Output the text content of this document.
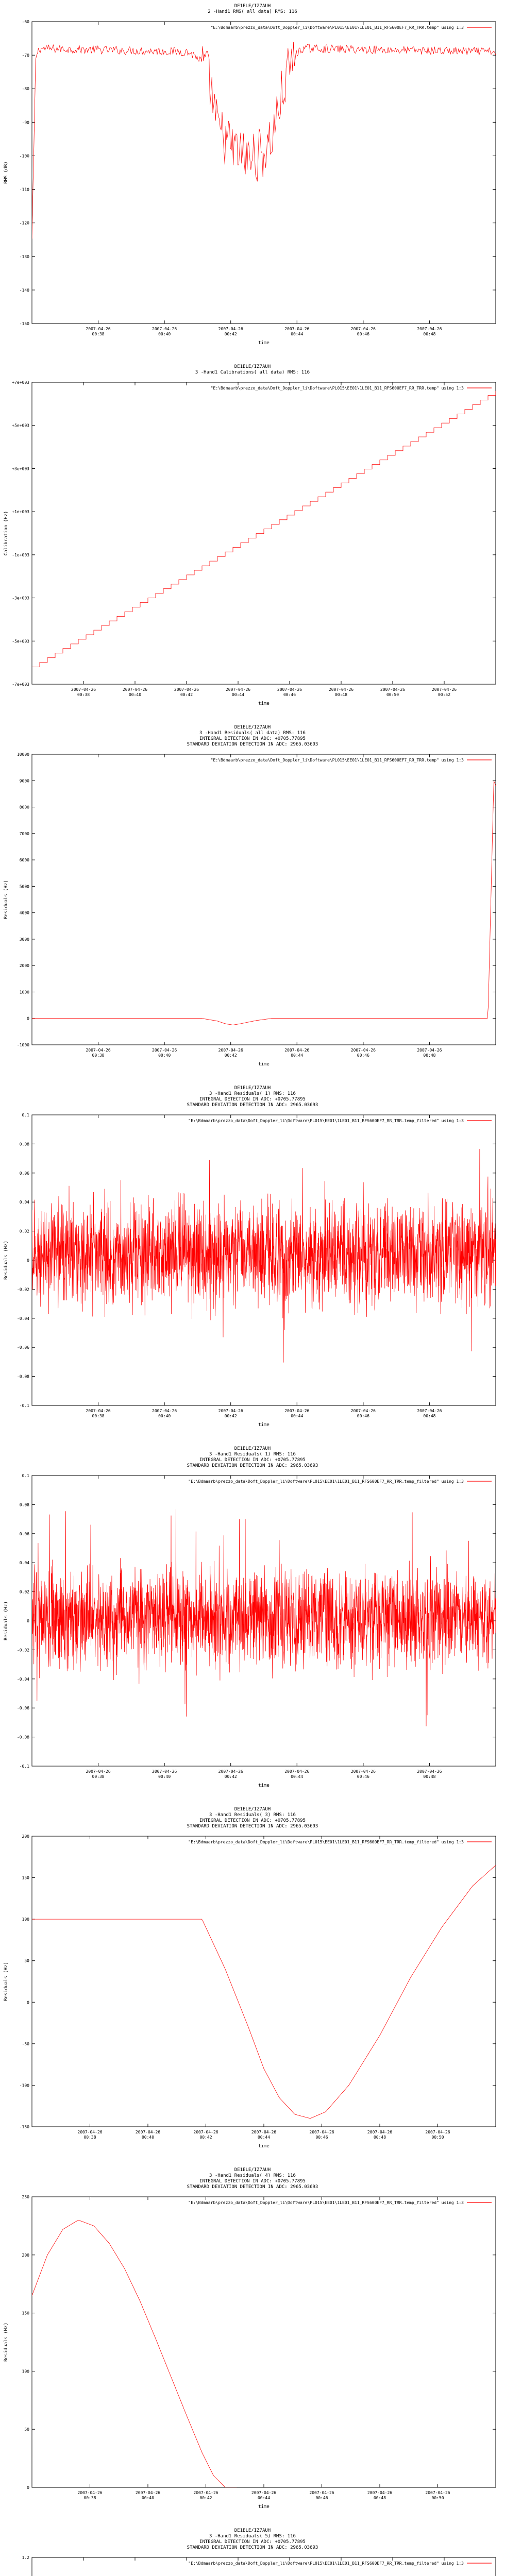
DE1ELE/IZ7AUH
2 -Hand1 RMS( all data) RMS: 116
"E:\Bdmaarb\prezzo_data\Doft_Doppler_li\Doftware\PL015\EE01\1LE01_B11_RFS600EF7_RR_TRR.temp" using 1:3
-60
-70
-80
-90
-100
-110
-120
-130
-140
-150
2007-04-26
00:38
2007-04-26
00:40
2007-04-26
00:42
2007-04-26
00:44
2007-04-26
00:46
2007-04-26
00:48
time
RMS (dB)
DE1ELE/IZ7AUH
3 -Hand1 Calibrations( all data) RMS: 116
"E:\Bdmaarb\prezzo_data\Doft_Doppler_li\Doftware\PL015\EE01\1LE01_B11_RFS600EF7_RR_TRR.temp" using 1:3
+7e+003
+5e+003
+3e+003
+1e+003
-1e+003
-3e+003
-5e+003
-7e+003
2007-04-26
00:38
2007-04-26
00:40
2007-04-26
00:42
2007-04-26
00:44
2007-04-26
00:46
2007-04-26
00:48
2007-04-26
00:50
2007-04-26
00:52
time
Calibration (Hz)
DE1ELE/IZ7AUH
3 -Hand1 Residuals( all data) RMS: 116
INTEGRAL DETECTION IN ADC: +0705.77895
STANDARD DEVIATION DETECTION IN ADC: 2965.03693
"E:\Bdmaarb\prezzo_data\Doft_Doppler_li\Doftware\PL015\EE01\1LE01_B11_RFS600EF7_RR_TRR.temp" using 1:3
10000
9000
8000
7000
6000
5000
4000
3000
2000
1000
0
-1000
2007-04-26
00:38
2007-04-26
00:40
2007-04-26
00:42
2007-04-26
00:44
2007-04-26
00:46
2007-04-26
00:48
time
Residuals (Hz)
DE1ELE/IZ7AUH
3 -Hand1 Residuals( 1) RMS: 116
INTEGRAL DETECTION IN ADC: +0705.77895
STANDARD DEVIATION DETECTION IN ADC: 2965.03693
"E:\Bdmaarb\prezzo_data\Doft_Doppler_li\Doftware\PL015\EE01\1LE01_B11_RFS600EF7_RR_TRR.temp_filtered" using 1:3
0.1
0.08
0.06
0.04
0.02
0
-0.02
-0.04
-0.06
-0.08
-0.1
2007-04-26
00:38
2007-04-26
00:40
2007-04-26
00:42
2007-04-26
00:44
2007-04-26
00:46
2007-04-26
00:48
time
Residuals (Hz)
DE1ELE/IZ7AUH
3 -Hand1 Residuals( 1) RMS: 116
INTEGRAL DETECTION IN ADC: +0705.77895
STANDARD DEVIATION DETECTION IN ADC: 2965.03693
"E:\Bdmaarb\prezzo_data\Doft_Doppler_li\Doftware\PL015\EE01\1LE01_B11_RFS600EF7_RR_TRR.temp_filtered" using 1:3
0.1
0.08
0.06
0.04
0.02
0
-0.02
-0.04
-0.06
-0.08
-0.1
2007-04-26
00:38
2007-04-26
00:40
2007-04-26
00:42
2007-04-26
00:44
2007-04-26
00:46
2007-04-26
00:48
time
Residuals (Hz)
DE1ELE/IZ7AUH
3 -Hand1 Residuals( 3) RMS: 116
INTEGRAL DETECTION IN ADC: +0705.77895
STANDARD DEVIATION DETECTION IN ADC: 2965.03693
"E:\Bdmaarb\prezzo_data\Doft_Doppler_li\Doftware\PL015\EE01\1LE01_B11_RFS600EF7_RR_TRR.temp_filtered" using 1:3
200
150
100
50
0
-50
-100
-150
2007-04-26
00:38
2007-04-26
00:40
2007-04-26
00:42
2007-04-26
00:44
2007-04-26
00:46
2007-04-26
00:48
2007-04-26
00:50
time
Residuals (Hz)
DE1ELE/IZ7AUH
3 -Hand1 Residuals( 4) RMS: 116
INTEGRAL DETECTION IN ADC: +0705.77895
STANDARD DEVIATION DETECTION IN ADC: 2965.03693
"E:\Bdmaarb\prezzo_data\Doft_Doppler_li\Doftware\PL015\EE01\1LE01_B11_RFS600EF7_RR_TRR.temp_filtered" using 1:3
250
200
150
100
50
0
2007-04-26
00:38
2007-04-26
00:40
2007-04-26
00:42
2007-04-26
00:44
2007-04-26
00:46
2007-04-26
00:48
2007-04-26
00:50
time
Residuals (Hz)
DE1ELE/IZ7AUH
3 -Hand1 Residuals( 5) RMS: 116
INTEGRAL DETECTION IN ADC: +0705.77895
STANDARD DEVIATION DETECTION IN ADC: 2965.03693
"E:\Bdmaarb\prezzo_data\Doft_Doppler_li\Doftware\PL015\EE01\1LE01_B11_RFS600EF7_RR_TRR.temp_filtered" using 1:3
1.2
